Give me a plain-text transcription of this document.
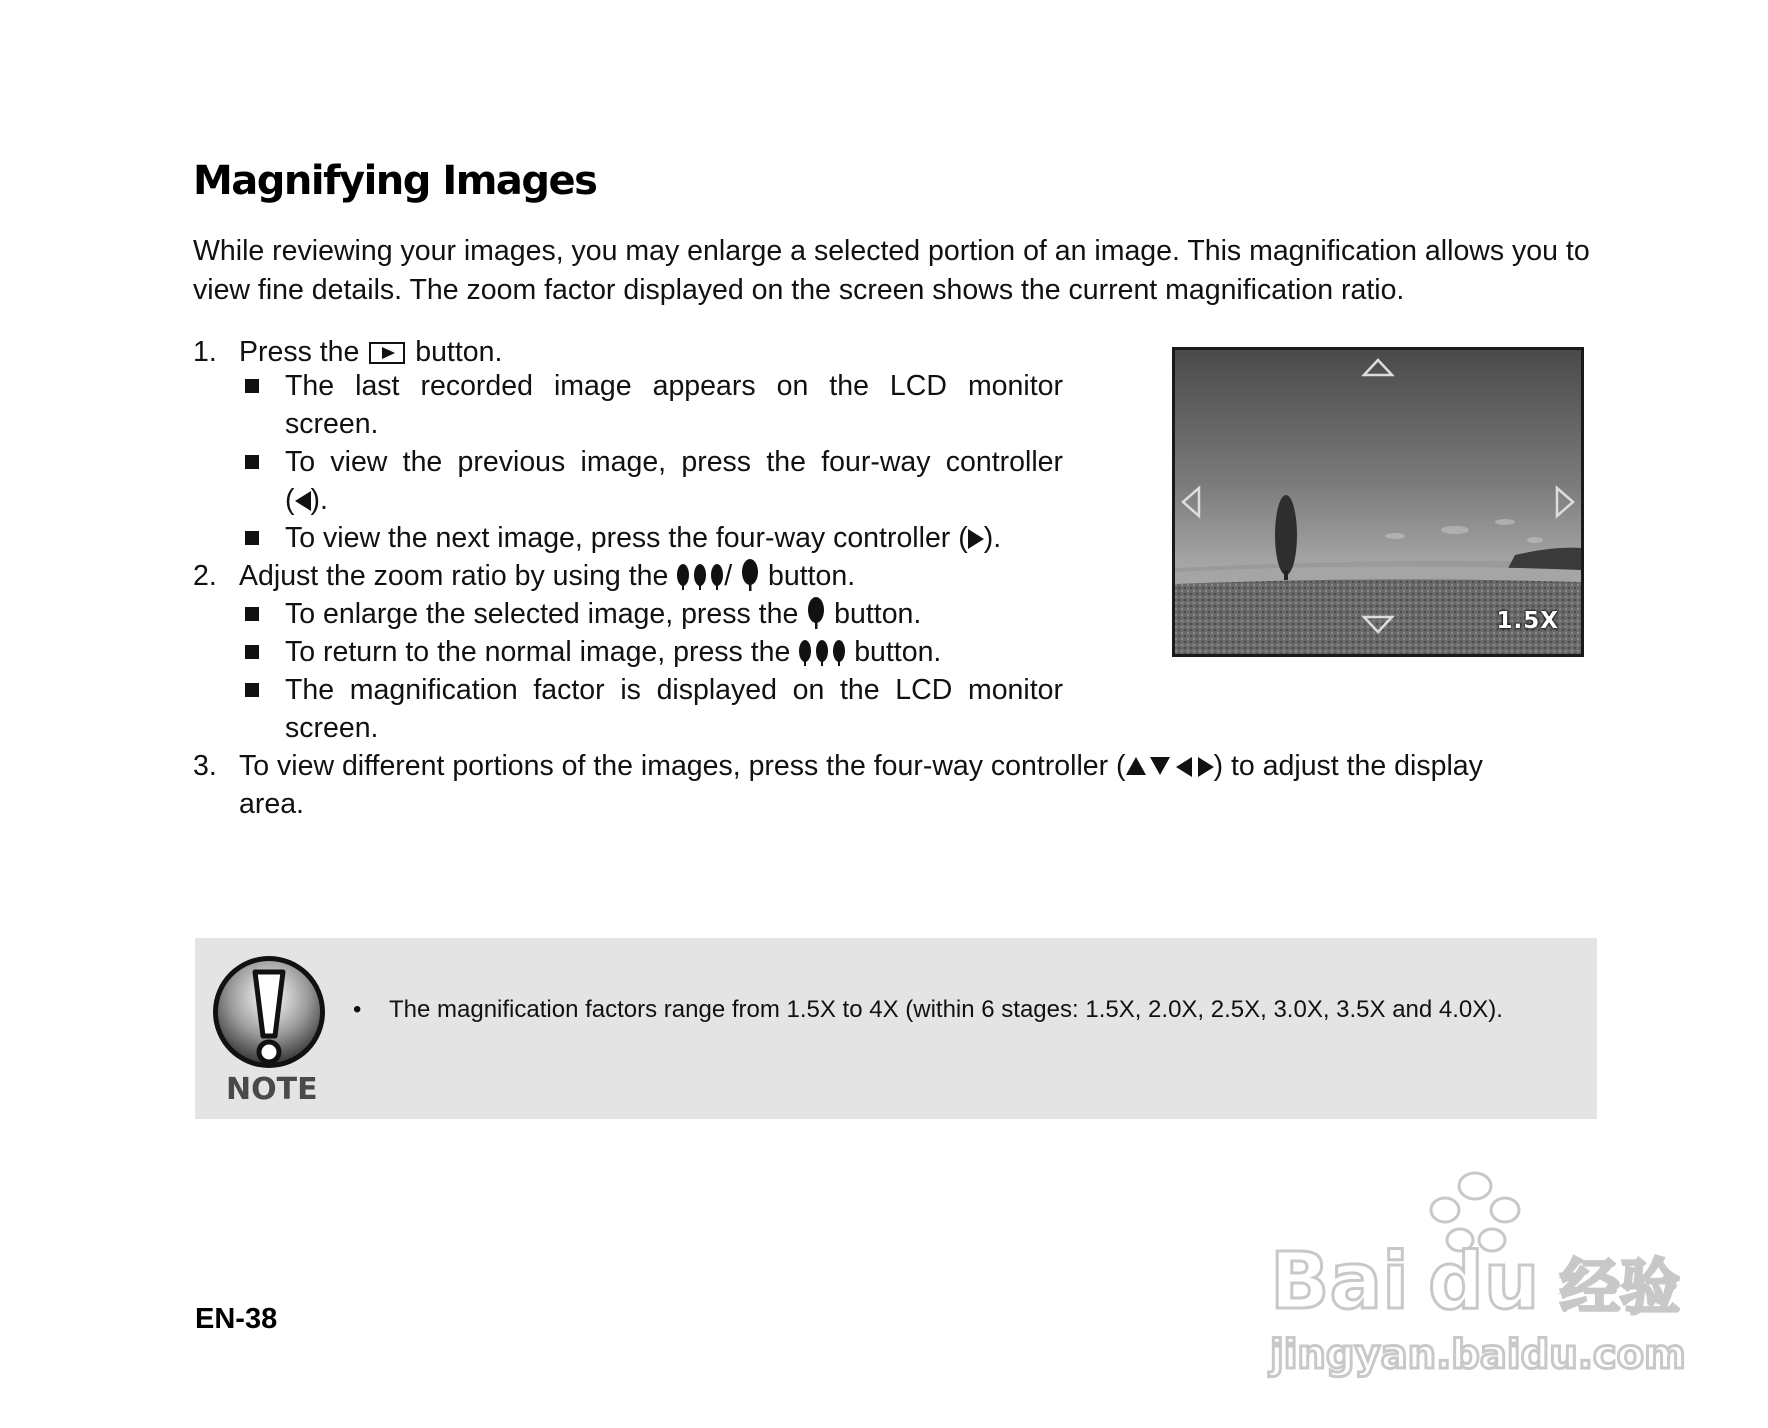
Magnifying Images
While reviewing your images, you may enlarge a selected portion of an image. This magnification allows you to view fine details. The zoom factor displayed on the screen shows the current magnification ratio.
1. Press the button.
The last recorded image appears on the LCD monitor
screen.
To view the previous image, press the four-way controller
( ).
To view the next image, press the four-way controller ( ).
2. Adjust the zoom ratio by using the / button.
To enlarge the selected image, press the button.
To return to the normal image, press the button.
The magnification factor is displayed on the LCD monitor
screen.
3. To view different portions of the images, press the four-way controller (	) to adjust the display
area.
1.5X
NOTE
• The magnification factors range from 1.5X to 4X (within 6 stages: 1.5X, 2.0X, 2.5X, 3.0X, 3.5X and 4.0X).
EN-38	Bai du 经验
jingyan.baidu.com
